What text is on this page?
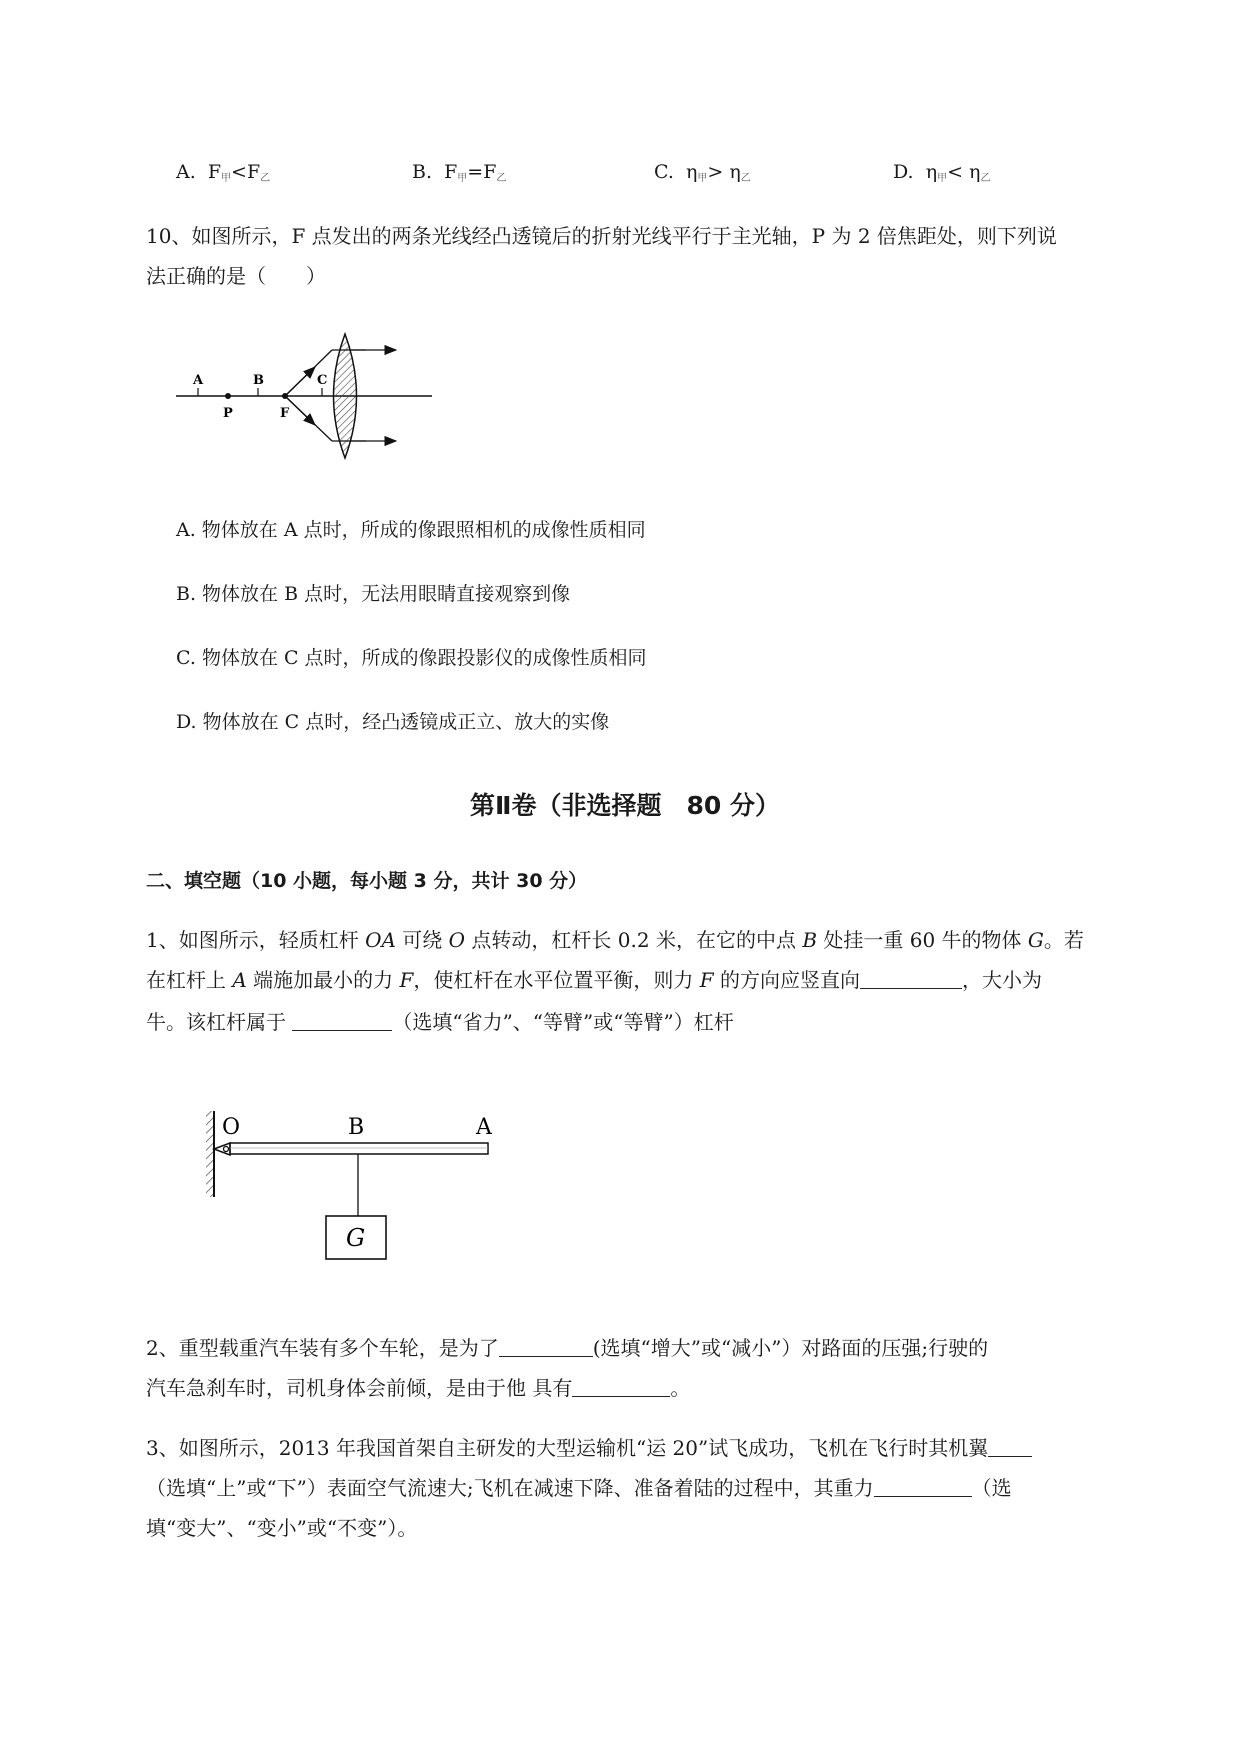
A. $F_甲<F_乙$	B. $F_甲=F_乙$	C. $\eta_甲> \eta_乙$	D. $\eta_甲< \eta_乙$
10、如图所示，F 点发出的两条光线经凸透镜后的折射光线平行于主光轴，P 为 2 倍焦距处，则下列说
法正确的是（　　）
A	B	C
P	F
A. 物体放在 A 点时，所成的像跟照相机的成像性质相同
B. 物体放在 B 点时，无法用眼睛直接观察到像
C. 物体放在 C 点时，所成的像跟投影仪的成像性质相同
D. 物体放在 C 点时，经凸透镜成正立、放大的实像
第Ⅱ卷（非选择题　80 分）
二、填空题（10 小题，每小题 3 分，共计 30 分）
1、如图所示，轻质杠杆 OA 可绕 O 点转动，杠杆长 0.2 米，在它的中点 B 处挂一重 60 牛的物体 G。若
在杠杆上 A 端施加最小的力 F，使杠杆在水平位置平衡，则力 F 的方向应竖直向	，大小为
牛。该杠杆属于	（选填“省力”、“等臂”或“等臂”）杠杆
O	B	A
G
2、重型载重汽车装有多个车轮，是为了	(选填“增大”或“减小”）对路面的压强;行驶的
汽车急刹车时，司机身体会前倾，是由于他 具有	。
3、如图所示，2013 年我国首架自主研发的大型运输机“运 20”试飞成功，飞机在飞行时其机翼
（选填“上”或“下”）表面空气流速大;飞机在减速下降、准备着陆的过程中，其重力	（选
填“变大”、“变小”或“不变”）。
